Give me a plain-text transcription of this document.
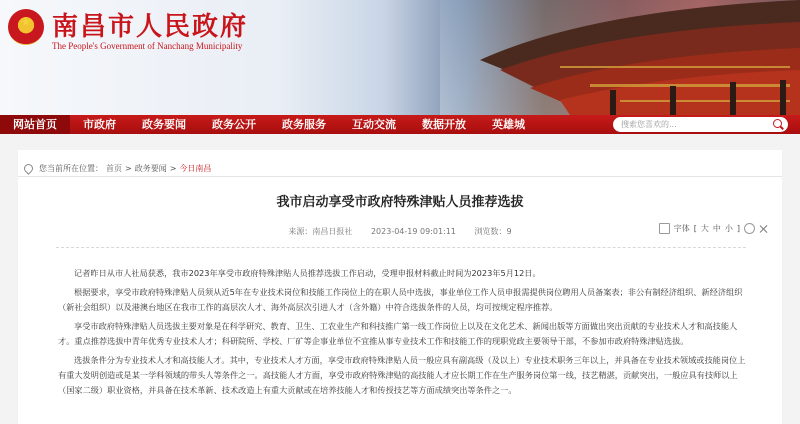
南昌市人民政府
The People's Government of Nanchang Municipality
网站首页	市政府	政务要闻	政务公开	政务服务	互动交流	数据开放	英雄城	搜索您喜欢的...
您当前所在位置： 首页 > 政务要闻 > 今日南昌
我市启动享受市政府特殊津贴人员推荐选拔
来源：南昌日报社 2023-04-19 09:01:11 浏览数：9	字体 [ 大 中 小 ]

记者昨日从市人社局获悉，我市2023年享受市政府特殊津贴人员推荐选拔工作启动，受理申报材料截止时间为2023年5月12日。

根据要求，享受市政府特殊津贴人员须从近5年在专业技术岗位和技能工作岗位上的在职人员中选拔，事业单位工作人员申报需提供岗位聘用人员备案表；非公有制经济组织、新经济组织（新社会组织）以及港澳台地区在我市工作的高层次人才、海外高层次引进人才（含外籍）中符合选拔条件的人员，均可按规定程序推荐。

享受市政府特殊津贴人员选拔主要对象是在科学研究、教育、卫生、工农业生产和科技推广第一线工作岗位上以及在文化艺术、新闻出版等方面做出突出贡献的专业技术人才和高技能人才。重点推荐选拔中青年优秀专业技术人才；科研院所、学校、厂矿等企事业单位不宜推从事专业技术工作和技能工作的现职党政主要领导干部，不参加市政府特殊津贴选拔。

选拔条件分为专业技术人才和高技能人才。其中，专业技术人才方面，享受市政府特殊津贴人员一般应具有副高级（及以上）专业技术职务三年以上，并具备在专业技术领域或技能岗位上有重大发明创造或是某一学科领域的带头人等条件之一。高技能人才方面，享受市政府特殊津贴的高技能人才应长期工作在生产服务岗位第一线，技艺精湛，贡献突出，一般应具有技师以上（国家二级）职业资格，并具备在技术革新、技术改造上有重大贡献或在培养技能人才和传授技艺等方面成绩突出等条件之一。
